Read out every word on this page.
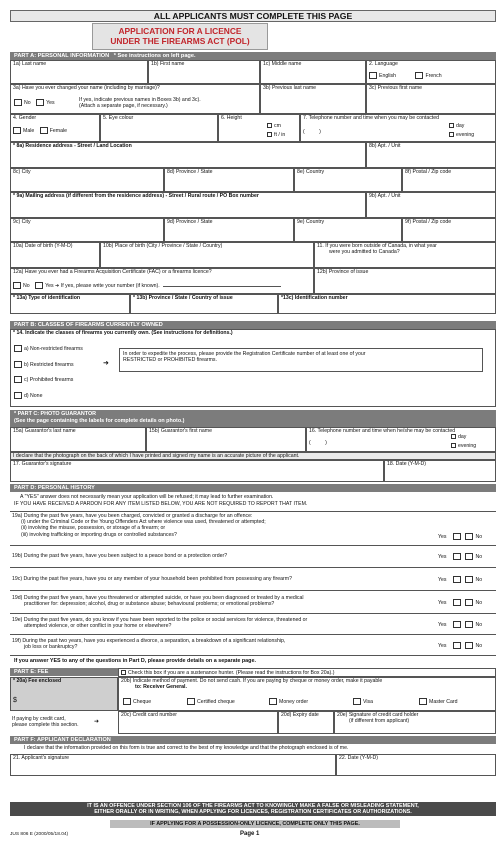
ALL APPLICANTS MUST COMPLETE THIS PAGE
APPLICATION FOR A LICENCE
UNDER THE FIREARMS ACT (POL)
PART A: PERSONAL INFORMATION * See instructions on left page.
1a) Last name	1b) First name	1c) Middle name	2. Language
English	French
3a) Have you ever changed your name (including by marriage)?
No	Yes	If yes, indicate previous names in Boxes 3b) and 3c).
(Attach a separate page, if necessary.)
3b) Previous last name	3c) Previous first name
4. Gender
Male	Female
5. Eye colour	6. Height
cm
ft / in
7. Telephone number and time when you may be contacted
(          )
day
evening
* 8a) Residence address - Street / Land Location	8b) Apt. / Unit
8c) City	8d) Province / State	8e) Country	8f) Postal / Zip code
* 9a) Mailing address (if different from the residence address) - Street / Rural route / PO Box number	9b) Apt. / Unit
9c) City	9d) Province / State	9e) Country	9f) Postal / Zip code
10a) Date of birth (Y-M-D)	10b) Place of birth (City / Province / State / Country)	11. If you were born outside of Canada, in what year
were you admitted to Canada?
12a) Have you ever had a Firearms Acquisition Certificate (FAC) or a firearms licence?
No	Yes ➜ If yes, please write your number (if known).
12b) Province of issue
* 13a) Type of identification	* 13b) Province / State / Country of issue	*13c) Identification number
PART B: CLASSES OF FIREARMS CURRENTLY OWNED
* 14. Indicate the classes of firearms you currently own. (See instructions for definitions.)
a) Non-restricted firearms
b) Restricted firearms
c) Prohibited firearms
d) None
➜
In order to expedite the process, please provide the Registration Certificate number of at least one of your
RESTRICTED or PROHIBITED firearms.
* PART C: PHOTO GUARANTOR
(See the page containing the labels for complete details on photo.)
15a) Guarantor's last name	15b) Guarantor's first name	16. Telephone number and time when he/she may be contacted
(          )
day
evening
I declare that the photograph on the back of which I have printed and signed my name is an accurate picture of the applicant.
17. Guarantor's signature	18. Date (Y-M-D)
PART D: PERSONAL HISTORY
A "YES" answer does not necessarily mean your application will be refused; it may lead to further examination.
IF YOU HAVE RECEIVED A PARDON FOR ANY ITEM LISTED BELOW, YOU ARE NOT REQUIRED TO REPORT THAT ITEM.
19a) During the past five years, have you been charged, convicted or granted a discharge for an offence:
(i) under the Criminal Code or the Young Offenders Act where violence was used, threatened or attempted;
(ii) involving the misuse, possession, or storage of a firearm; or
(iii) involving trafficking or importing drugs or controlled substances?	Yes	No
19b) During the past five years, have you been subject to a peace bond or a protection order?	Yes	No
19c) During the past five years, have you or any member of your household been prohibited from possessing any firearm?	Yes	No
19d) During the past five years, have you threatened or attempted suicide, or have you been diagnosed or treated by a medical
practitioner for: depression; alcohol, drug or substance abuse; behavioural problems; or emotional problems?	Yes	No
19e) During the past five years, do you know if you have been reported to the police or social services for violence, threatened or
attempted violence, or other conflict in your home or elsewhere?	Yes	No
19f) During the past two years, have you experienced a divorce, a separation, a breakdown of a significant relationship,
job loss or bankruptcy?	Yes	No
If you answer YES to any of the questions in Part D, please provide details on a separate page.
PART E: FEE	Check this box if you are a sustenance hunter. (Please read the instructions for Box 20a).)
* 20a) Fee enclosed
$
20b) Indicate method of payment. Do not send cash. If you are paying by cheque or money order, make it payable
to: Receiver General.
Cheque	Certified cheque	Money order	Visa	Master Card
If paying by credit card,
please complete this section.
➜
20c) Credit card number	20d) Expiry date	20e) Signature of credit card holder
(if different from applicant)
PART F: APPLICANT DECLARATION
I declare that the information provided on this form is true and correct to the best of my knowledge and that the photograph enclosed is of me.
21. Applicant's signature	22. Date (Y-M-D)
IT IS AN OFFENCE UNDER SECTION 106 OF THE FIREARMS ACT TO KNOWINGLY MAKE A FALSE OR MISLEADING STATEMENT,
EITHER ORALLY OR IN WRITING, WHEN APPLYING FOR LICENCES, REGISTRATION CERTIFICATES OR AUTHORIZATIONS.
IF APPLYING FOR A POSSESSION-ONLY LICENCE, COMPLETE ONLY THIS PAGE.
JUS 806 E (2000/05/18.04)	Page 1
